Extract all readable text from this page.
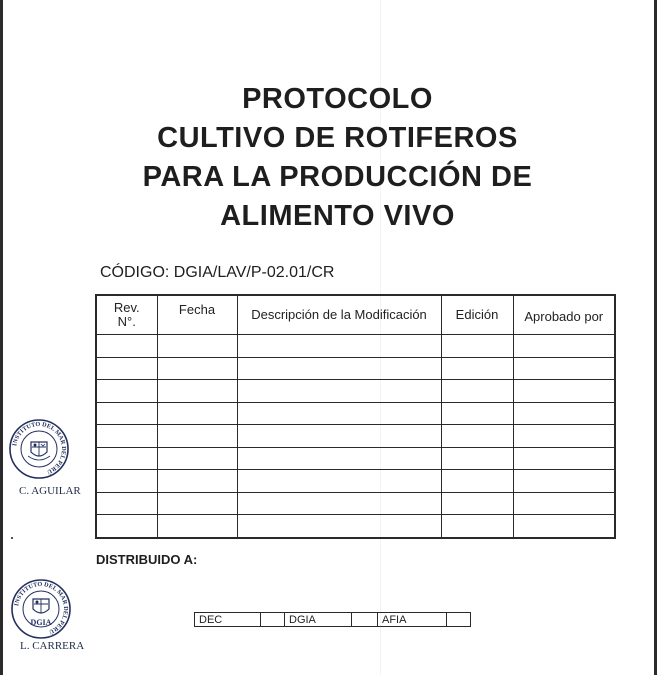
PROTOCOLO
CULTIVO DE ROTIFEROS
PARA LA PRODUCCIÓN DE
ALIMENTO VIVO
CÓDIGO: DGIA/LAV/P-02.01/CR
Rev.
N°.	Fecha	Descripción de la Modificación	Edición	Aprobado por

DISTRIBUIDO A:
DEC		DGIA		AFIA	
INSTITUTO DEL MAR DEL PERÚ
C. AGUILAR
INSTITUTO DEL MAR DEL PERÚ
DGIA
L. CARRERA
